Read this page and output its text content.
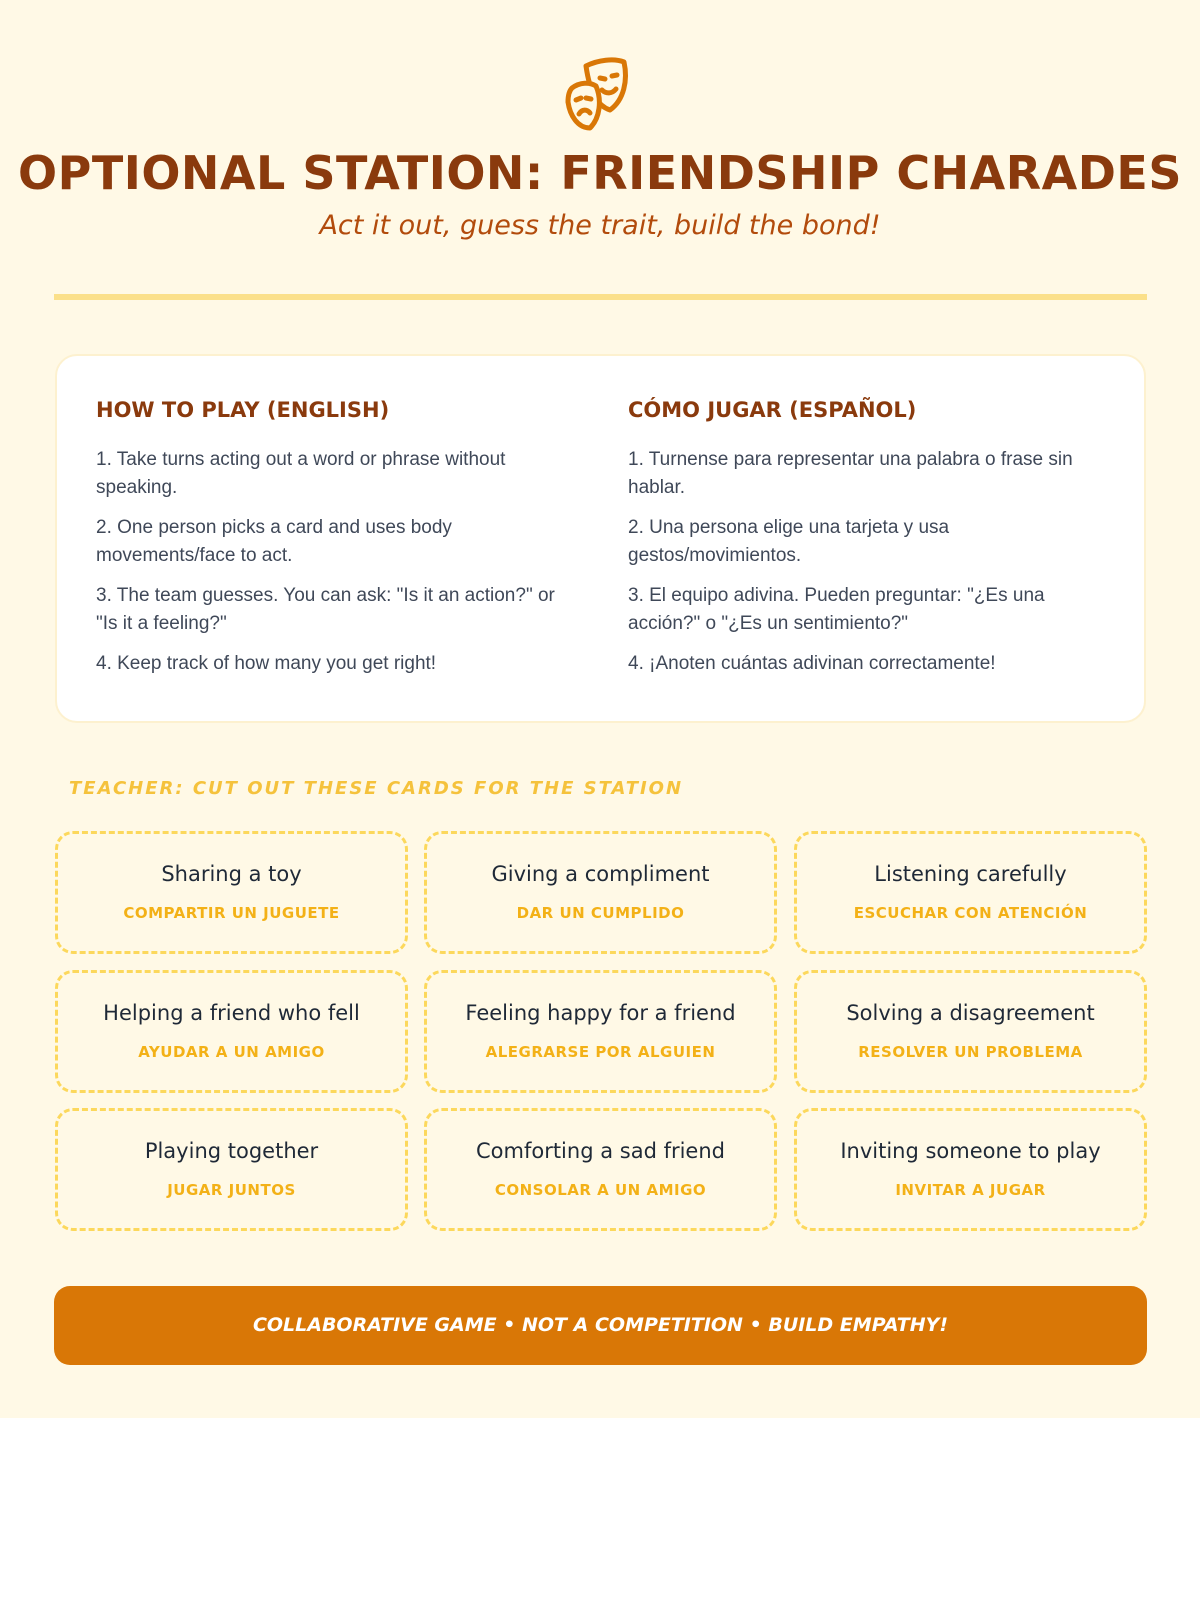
OPTIONAL STATION: FRIENDSHIP CHARADES
Act it out, guess the trait, build the bond!
HOW TO PLAY (ENGLISH)
1. Take turns acting out a word or phrase without speaking.
2. One person picks a card and uses body movements/face to act.
3. The team guesses. You can ask: "Is it an action?" or "Is it a feeling?"
4. Keep track of how many you get right!
CÓMO JUGAR (ESPAÑOL)
1. Turnense para representar una palabra o frase sin hablar.
2. Una persona elige una tarjeta y usa gestos/movimientos.
3. El equipo adivina. Pueden preguntar: "¿Es una acción?" o "¿Es un sentimiento?"
4. ¡Anoten cuántas adivinan correctamente!
TEACHER: CUT OUT THESE CARDS FOR THE STATION
Sharing a toy
COMPARTIR UN JUGUETE
Giving a compliment
DAR UN CUMPLIDO
Listening carefully
ESCUCHAR CON ATENCIÓN
Helping a friend who fell
AYUDAR A UN AMIGO
Feeling happy for a friend
ALEGRARSE POR ALGUIEN
Solving a disagreement
RESOLVER UN PROBLEMA
Playing together
JUGAR JUNTOS
Comforting a sad friend
CONSOLAR A UN AMIGO
Inviting someone to play
INVITAR A JUGAR
COLLABORATIVE GAME • NOT A COMPETITION • BUILD EMPATHY!
